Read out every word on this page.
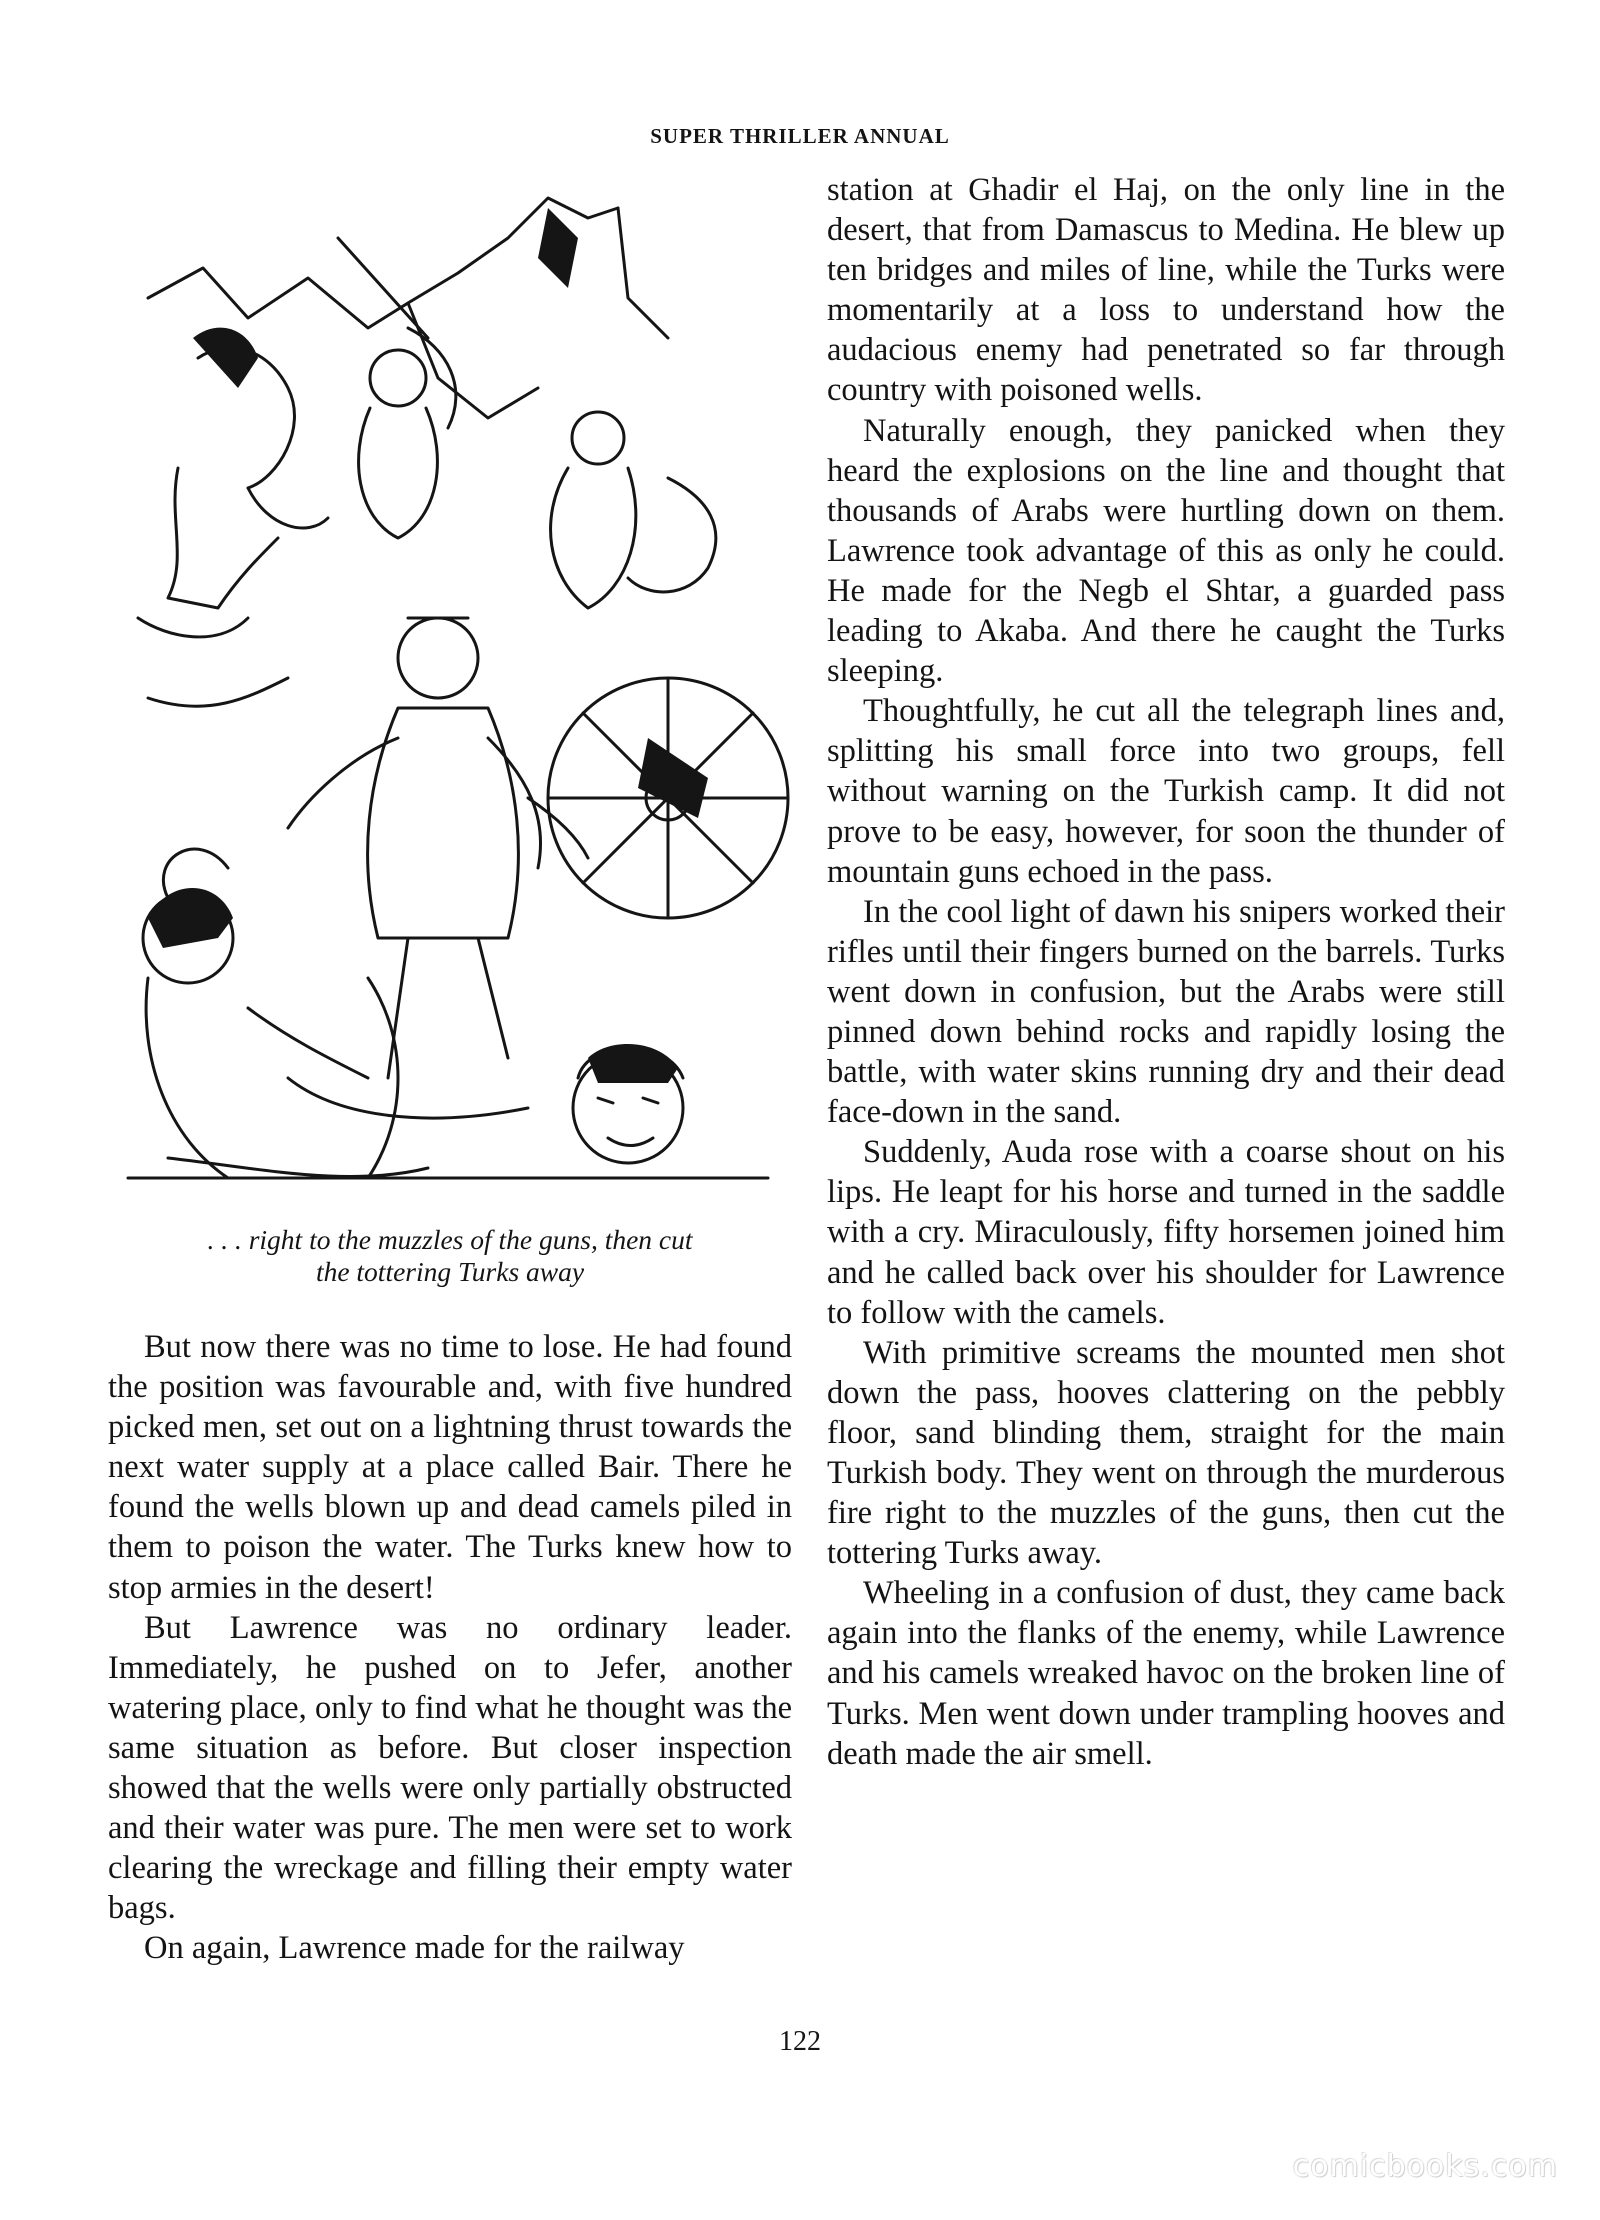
SUPER THRILLER ANNUAL
. . . right to the muzzles of the guns, then cut
the tottering Turks away

But now there was no time to lose. He had found the position was favourable and, with five hundred picked men, set out on a lightning thrust towards the next water supply at a place called Bair. There he found the wells blown up and dead camels piled in them to poison the water. The Turks knew how to stop armies in the desert!

But Lawrence was no ordinary leader. Immediately, he pushed on to Jefer, another watering place, only to find what he thought was the same situation as before. But closer inspection showed that the wells were only partially obstructed and their water was pure. The men were set to work clearing the wreckage and filling their empty water bags.

On again, Lawrence made for the railway

station at Ghadir el Haj, on the only line in the desert, that from Damascus to Medina. He blew up ten bridges and miles of line, while the Turks were momentarily at a loss to understand how the audacious enemy had penetrated so far through country with poisoned wells.

Naturally enough, they panicked when they heard the explosions on the line and thought that thousands of Arabs were hurtling down on them. Lawrence took advantage of this as only he could. He made for the Negb el Shtar, a guarded pass leading to Akaba. And there he caught the Turks sleeping.

Thoughtfully, he cut all the telegraph lines and, splitting his small force into two groups, fell without warning on the Turkish camp. It did not prove to be easy, however, for soon the thunder of mountain guns echoed in the pass.

In the cool light of dawn his snipers worked their rifles until their fingers burned on the barrels. Turks went down in confusion, but the Arabs were still pinned down behind rocks and rapidly losing the battle, with water skins running dry and their dead face-down in the sand.

Suddenly, Auda rose with a coarse shout on his lips. He leapt for his horse and turned in the saddle with a cry. Miraculously, fifty horsemen joined him and he called back over his shoulder for Lawrence to follow with the camels.

With primitive screams the mounted men shot down the pass, hooves clattering on the pebbly floor, sand blinding them, straight for the main Turkish body. They went on through the murderous fire right to the muzzles of the guns, then cut the tottering Turks away.

Wheeling in a confusion of dust, they came back again into the flanks of the enemy, while Lawrence and his camels wreaked havoc on the broken line of Turks. Men went down under trampling hooves and death made the air smell.

122
comicbooks.com
